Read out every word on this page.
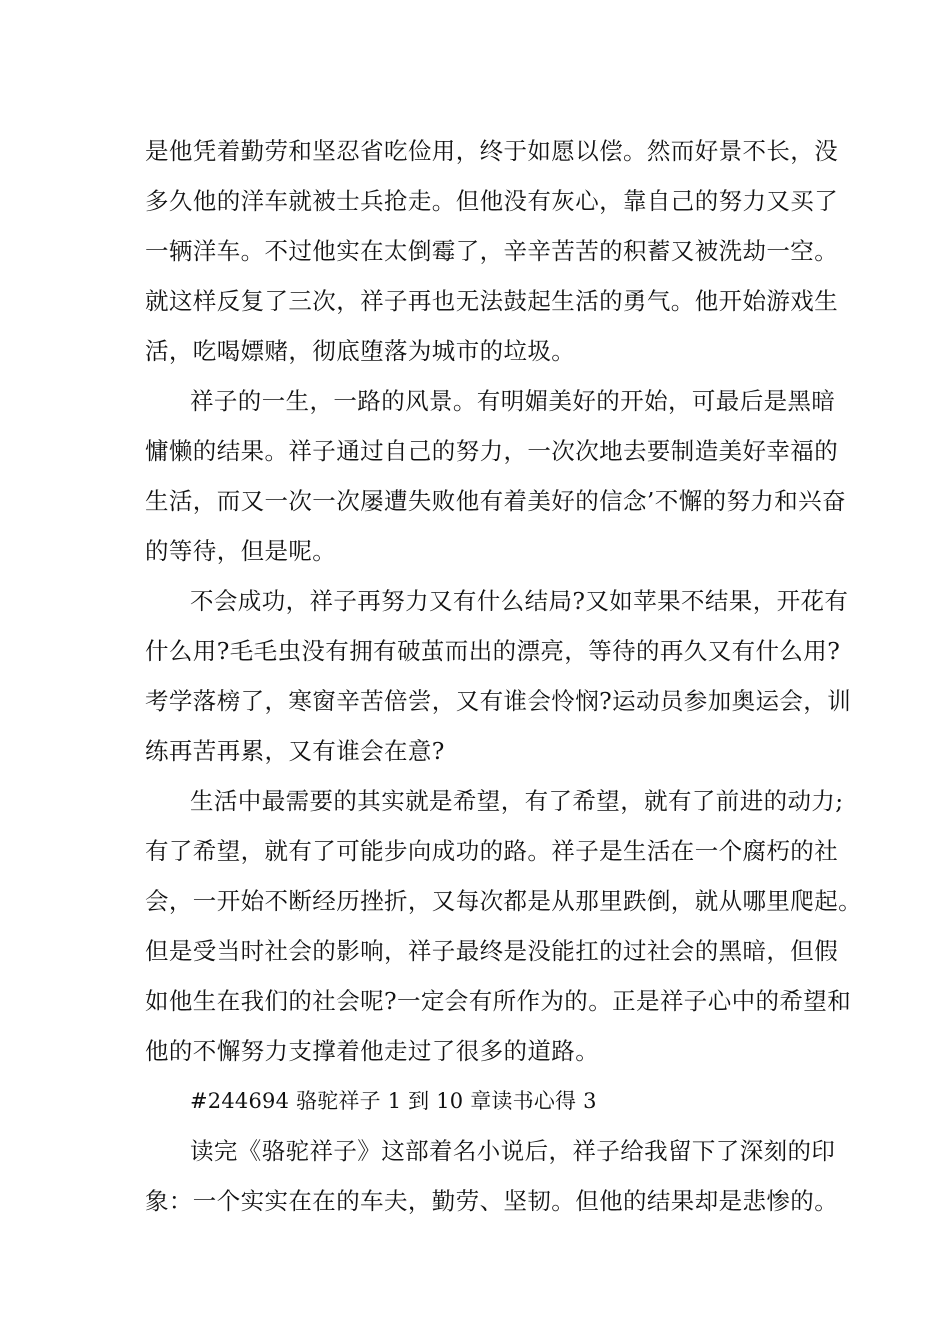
是他凭着勤劳和坚忍省吃俭用，终于如愿以偿。然而好景不长，没
多久他的洋车就被士兵抢走。但他没有灰心，靠自己的努力又买了
一辆洋车。不过他实在太倒霉了，辛辛苦苦的积蓄又被洗劫一空。
就这样反复了三次，祥子再也无法鼓起生活的勇气。他开始游戏生
活，吃喝嫖赌，彻底堕落为城市的垃圾。
祥子的一生，一路的风景。有明媚美好的开始，可最后是黑暗
慵懒的结果。祥子通过自己的努力，一次次地去要制造美好幸福的
生活，而又一次一次屡遭失败他有着美好的信念’不懈的努力和兴奋
的等待，但是呢。
不会成功，祥子再努力又有什么结局?又如苹果不结果，开花有
什么用?毛毛虫没有拥有破茧而出的漂亮，等待的再久又有什么用?
考学落榜了，寒窗辛苦倍尝，又有谁会怜悯?运动员参加奥运会，训
练再苦再累，又有谁会在意?
生活中最需要的其实就是希望，有了希望，就有了前进的动力;
有了希望，就有了可能步向成功的路。祥子是生活在一个腐朽的社
会，一开始不断经历挫折，又每次都是从那里跌倒，就从哪里爬起。
但是受当时社会的影响，祥子最终是没能扛的过社会的黑暗，但假
如他生在我们的社会呢?一定会有所作为的。正是祥子心中的希望和
他的不懈努力支撑着他走过了很多的道路。
#244694 骆驼祥子 1 到 10 章读书心得 3
读完《骆驼祥子》这部着名小说后，祥子给我留下了深刻的印
象：一个实实在在的车夫，勤劳、坚韧。但他的结果却是悲惨的。
